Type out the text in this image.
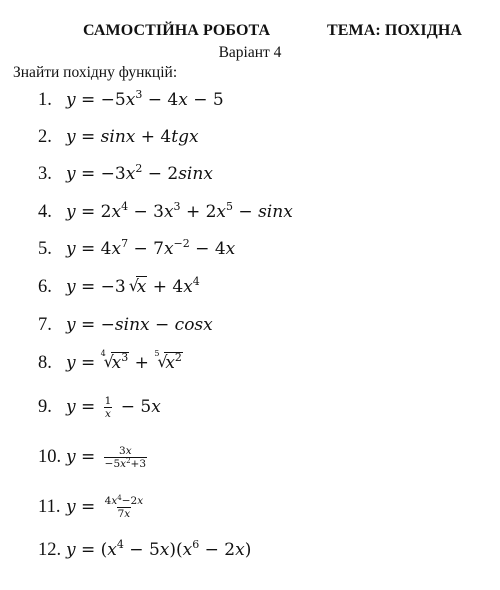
САМОСТІЙНА РОБОТА	ТЕМА: ПОХІДНА
Варіант 4
Знайти похідну функцій:
1. $y = -5x^3 - 4x - 5$
2. y = sinx + 4tgx
3. $y = -3x^2 - 2\sin x$
4. $y = 2x^4 - 3x^3 + 2x^5 - \sin x$
5. $y = 4x^7 - 7x^{-2} - 4x$
6. y = −3 √
$x + 4x^4$
7. y = −sinx − cosx
8. y = 4
√
$x^3 + 5$
√
$x^2$
9. $y = \frac{1}{x} - 5x$
10. $y = \frac{3x}{-5x^2+3}$
11. $y = \frac{4x^4-2x}{7x}$
12. $y = (x^4 - 5x)(x^6 - 2x)$
